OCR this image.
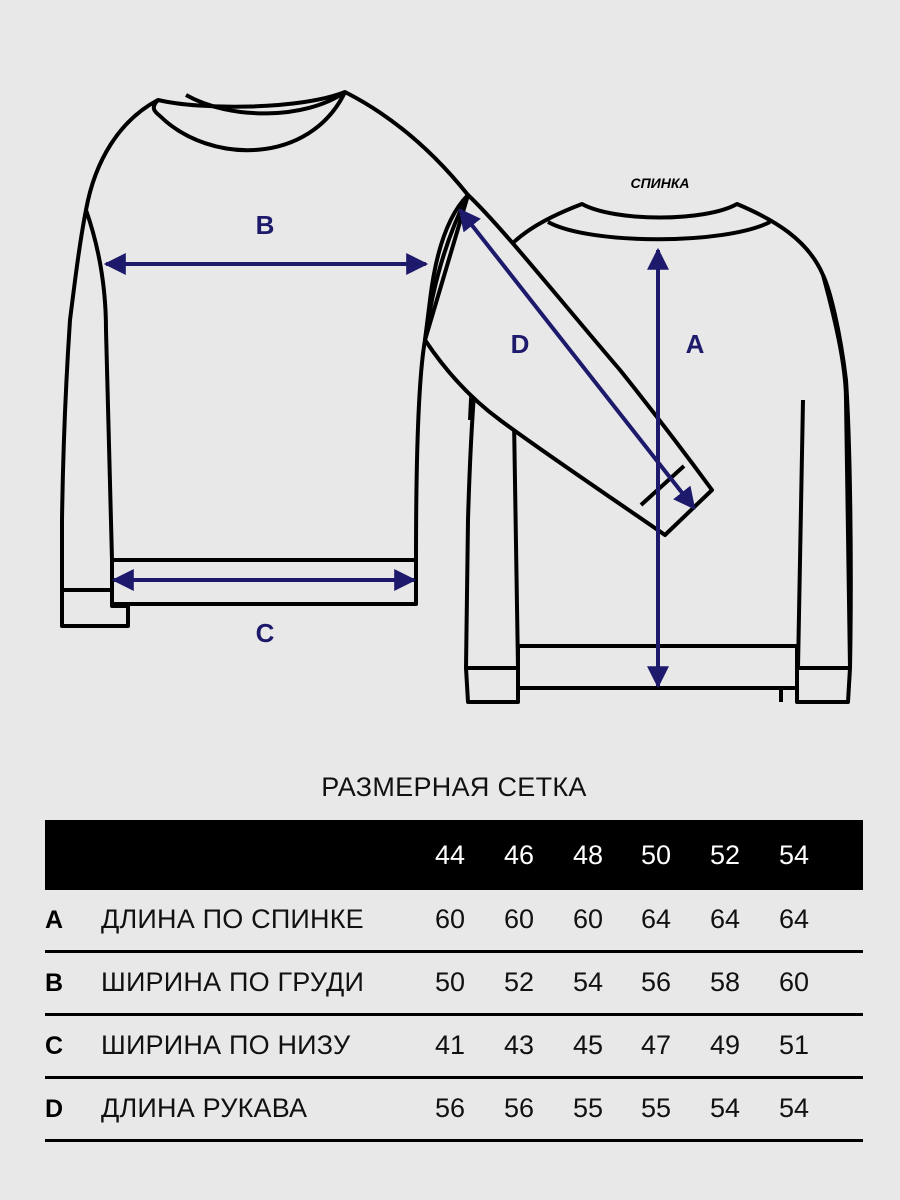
СПИНКА
B
C
A
D
РАЗМЕРНАЯ СЕТКА
44	46	48	50	52	54
A ДЛИНА ПО СПИНКЕ	60	60	60	64	64	64
B ШИРИНА ПО ГРУДИ	50	52	54	56	58	60
C ШИРИНА ПО НИЗУ	41	43	45	47	49	51
D ДЛИНА РУКАВА	56	56	55	55	54	54
